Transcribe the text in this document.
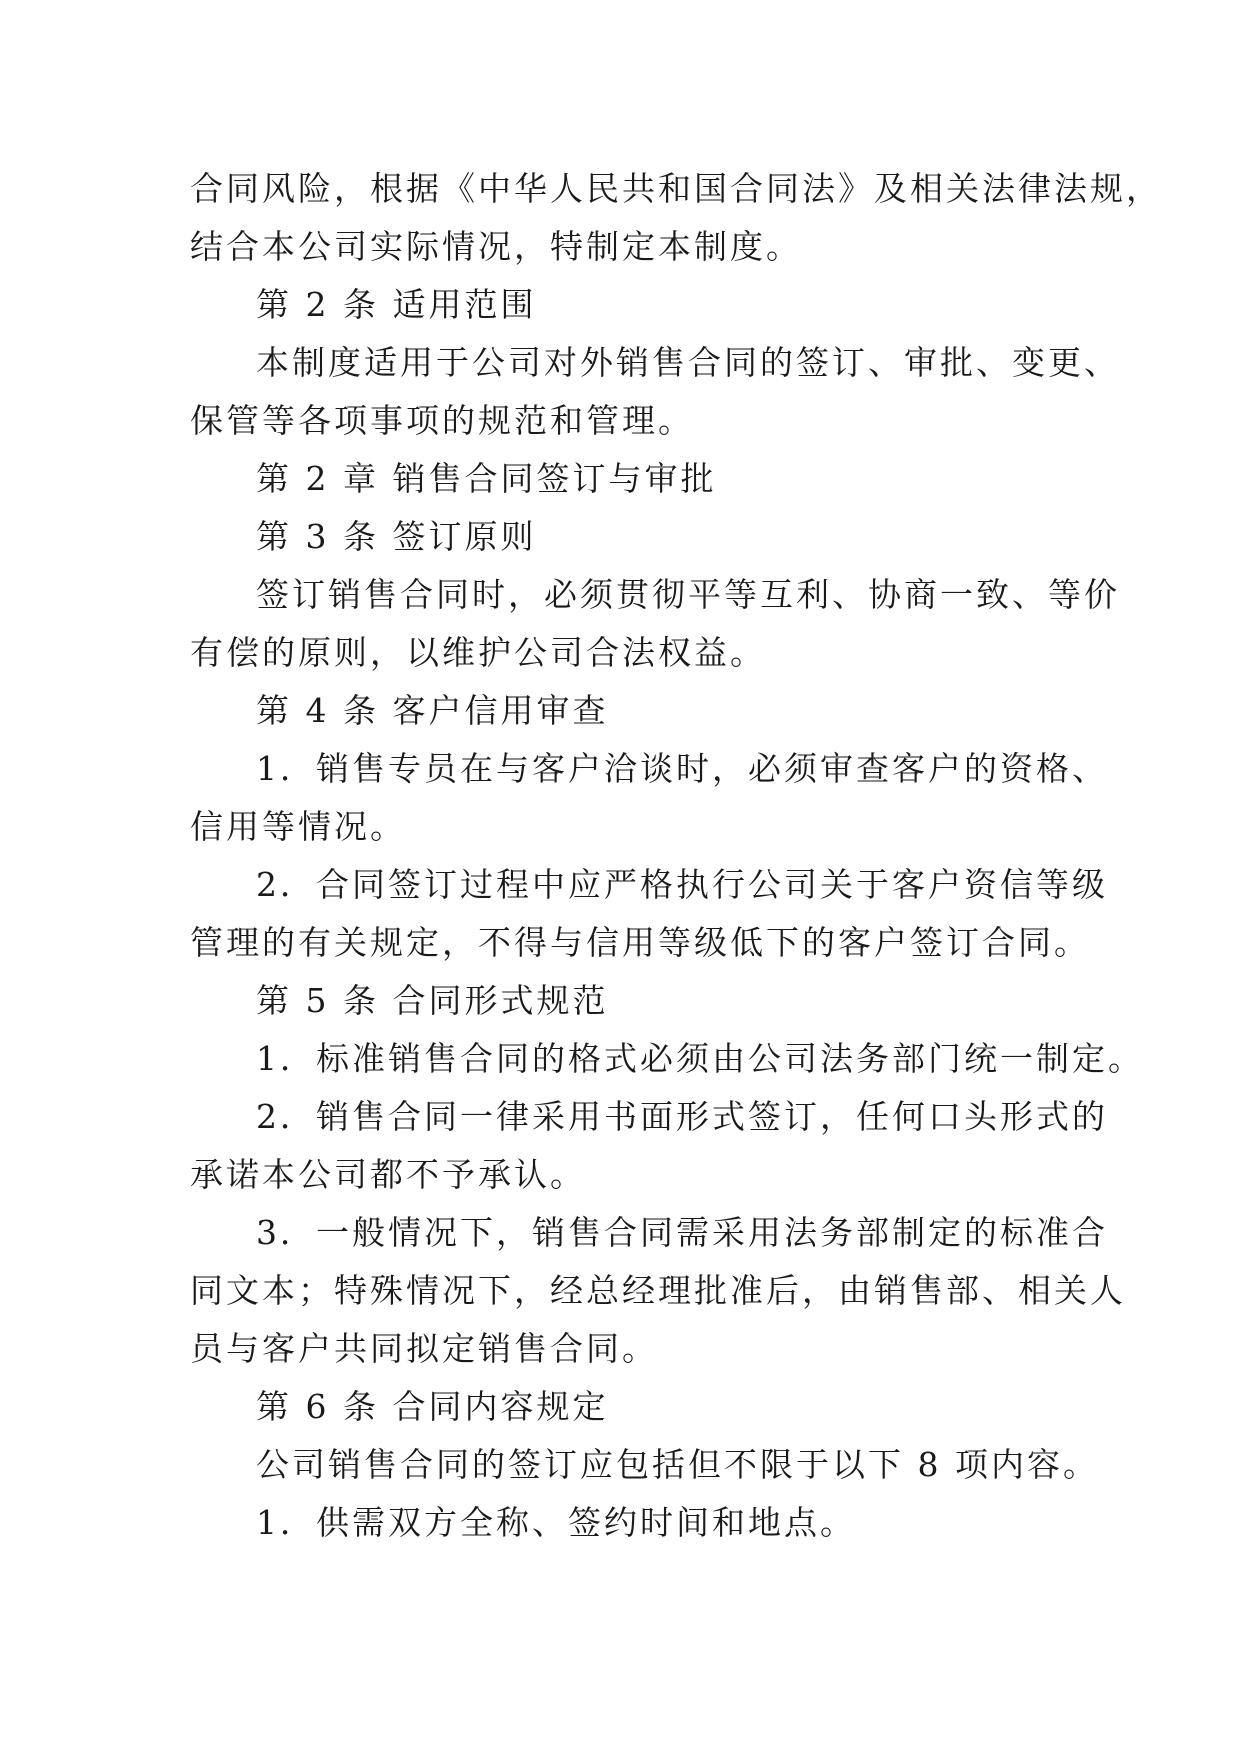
合同风险，根据《中华人民共和国合同法》及相关法律法规，
结合本公司实际情况，特制定本制度。
第 2 条 适用范围
本制度适用于公司对外销售合同的签订、审批、变更、
保管等各项事项的规范和管理。
第 2 章 销售合同签订与审批
第 3 条 签订原则
签订销售合同时，必须贯彻平等互利、协商一致、等价
有偿的原则，以维护公司合法权益。
第 4 条 客户信用审查
1．销售专员在与客户洽谈时，必须审查客户的资格、
信用等情况。
2．合同签订过程中应严格执行公司关于客户资信等级
管理的有关规定，不得与信用等级低下的客户签订合同。
第 5 条 合同形式规范
1．标准销售合同的格式必须由公司法务部门统一制定。
2．销售合同一律采用书面形式签订，任何口头形式的
承诺本公司都不予承认。
3．一般情况下，销售合同需采用法务部制定的标准合
同文本；特殊情况下，经总经理批准后，由销售部、相关人
员与客户共同拟定销售合同。
第 6 条 合同内容规定
公司销售合同的签订应包括但不限于以下 8 项内容。
1．供需双方全称、签约时间和地点。
